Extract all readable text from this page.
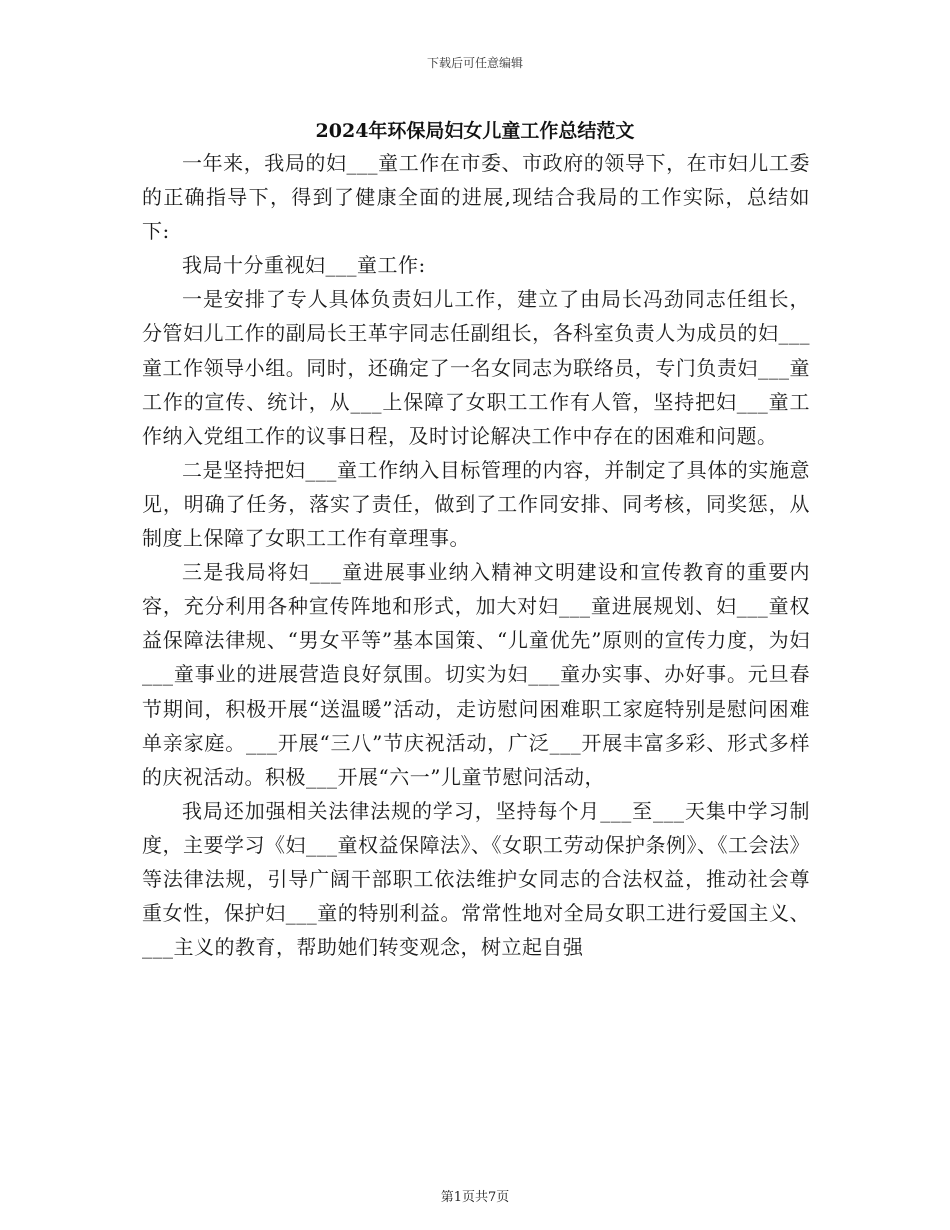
下载后可任意编辑
2024年环保局妇女儿童工作总结范文

一年来，我局的妇___童工作在市委、市政府的领导下，在市妇儿工委的正确指导下，得到了健康全面的进展,现结合我局的工作实际，总结如下:

我局十分重视妇___童工作:

一是安排了专人具体负责妇儿工作，建立了由局长冯劲同志任组长，分管妇儿工作的副局长王革宇同志任副组长，各科室负责人为成员的妇___童工作领导小组。同时，还确定了一名女同志为联络员，专门负责妇___童工作的宣传、统计，从___上保障了女职工工作有人管，坚持把妇___童工作纳入党组工作的议事日程，及时讨论解决工作中存在的困难和问题。

二是坚持把妇___童工作纳入目标管理的内容，并制定了具体的实施意见，明确了任务，落实了责任，做到了工作同安排、同考核，同奖惩，从制度上保障了女职工工作有章理事。

三是我局将妇___童进展事业纳入精神文明建设和宣传教育的重要内容，充分利用各种宣传阵地和形式，加大对妇___童进展规划、妇___童权益保障法律规、“男女平等”基本国策、“儿童优先”原则的宣传力度，为妇___童事业的进展营造良好氛围。切实为妇___童办实事、办好事。元旦春节期间，积极开展“送温暖”活动，走访慰问困难职工家庭特别是慰问困难单亲家庭。___开展“三八”节庆祝活动，广泛___开展丰富多彩、形式多样的庆祝活动。积极___开展“六一”儿童节慰问活动，

我局还加强相关法律法规的学习，坚持每个月___至___天集中学习制度，主要学习《妇___童权益保障法》、《女职工劳动保护条例》、《工会法》等法律法规，引导广阔干部职工依法维护女同志的合法权益，推动社会尊重女性，保护妇___童的特别利益。常常性地对全局女职工进行爱国主义、___主义的教育，帮助她们转变观念，树立起自强

第1页共7页
